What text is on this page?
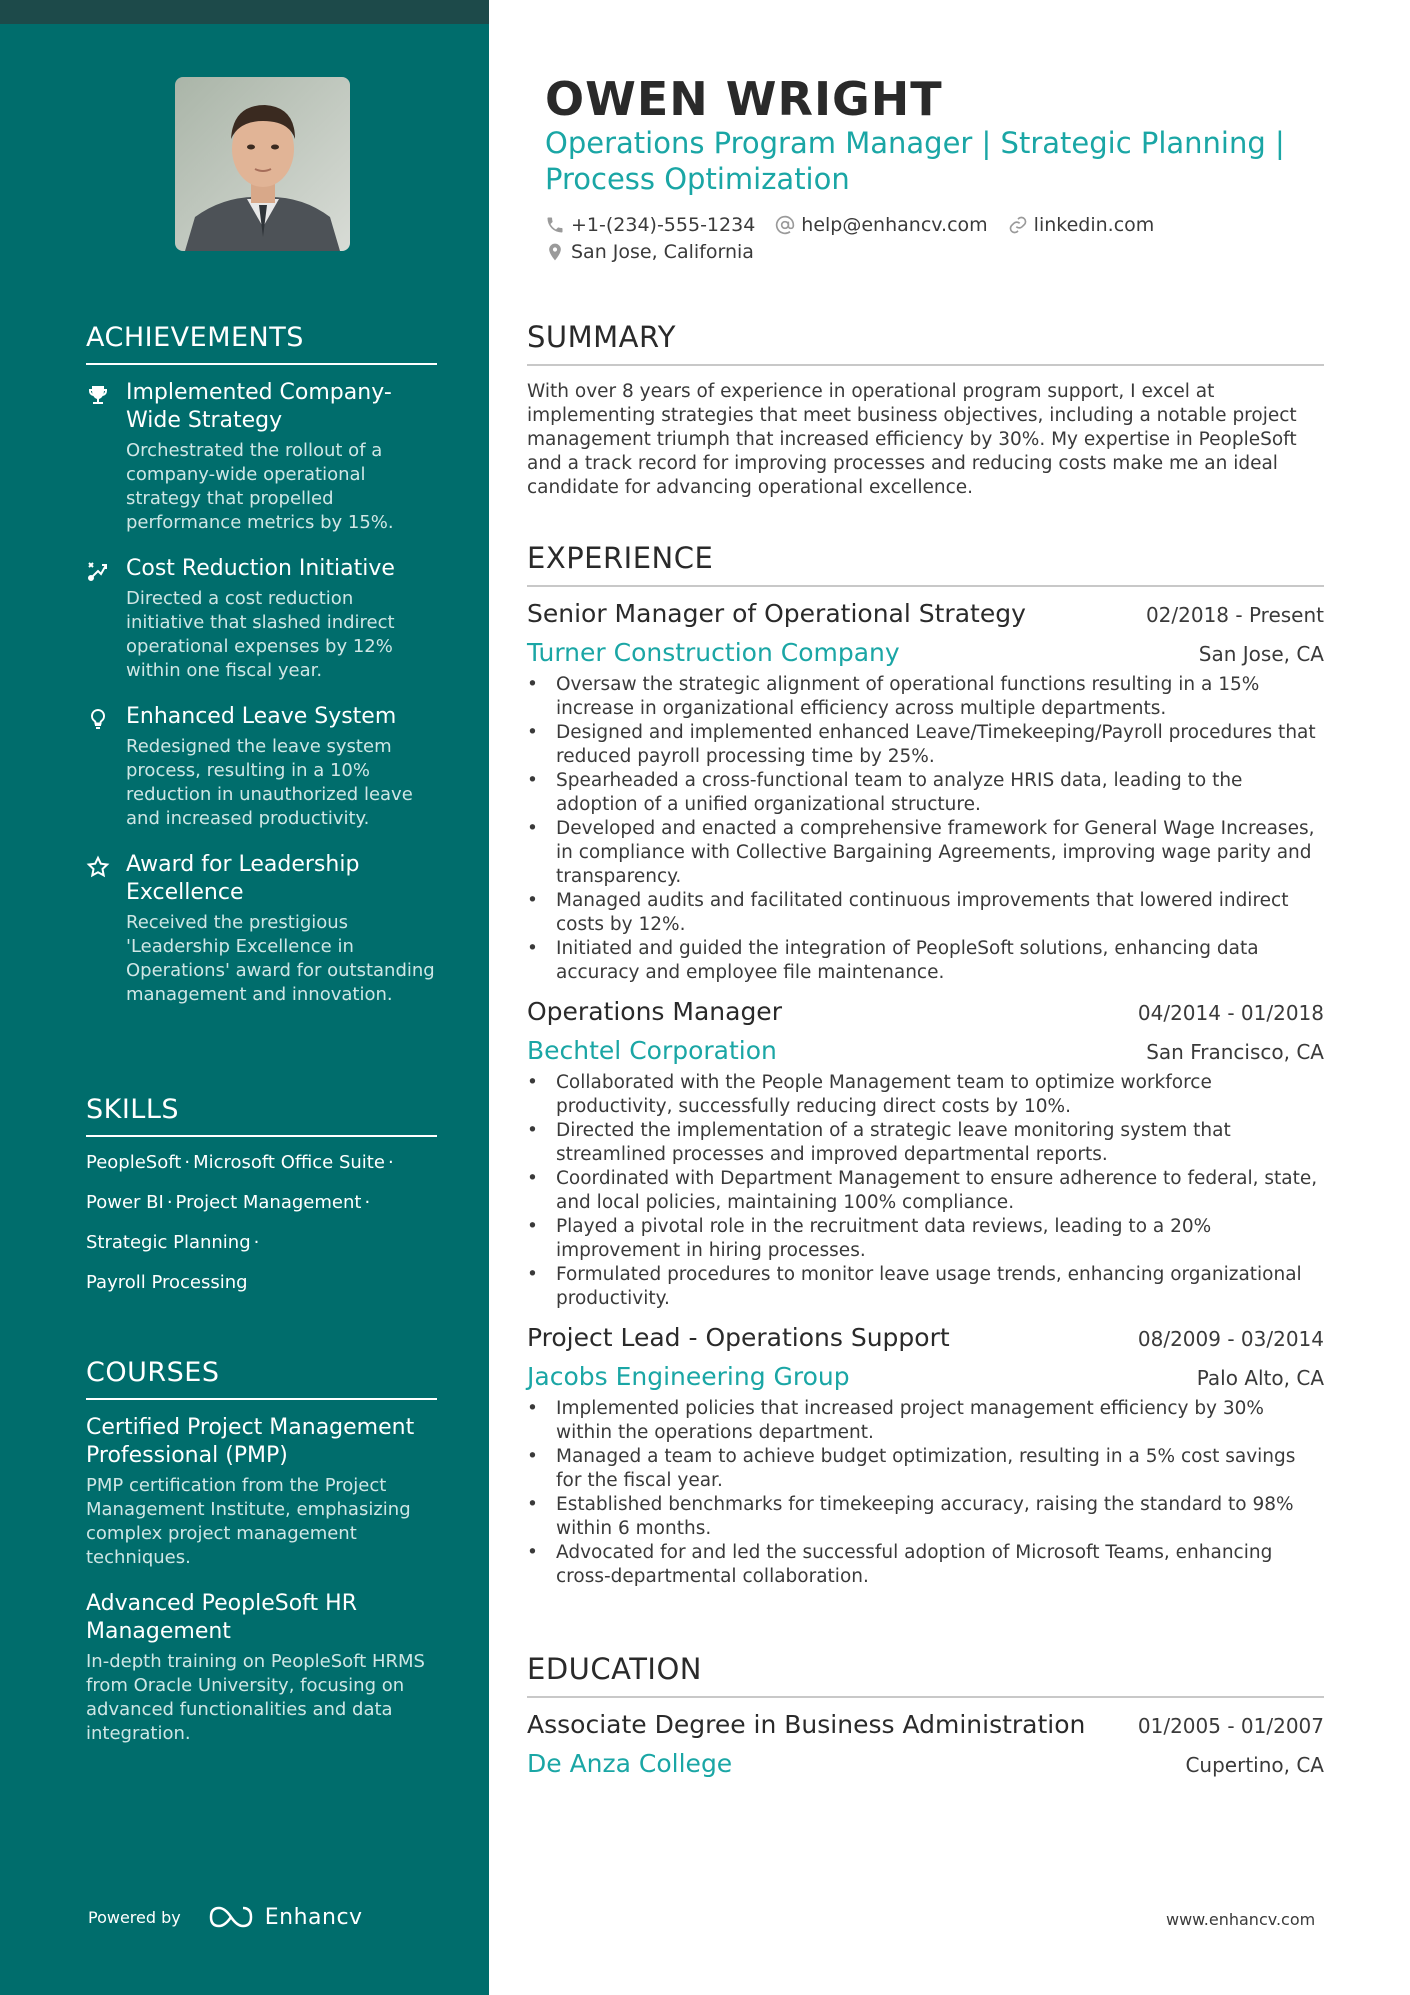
ACHIEVEMENTS
Implemented Company-Wide Strategy
Orchestrated the rollout of a company-wide operational strategy that propelled performance metrics by 15%.
Cost Reduction Initiative
Directed a cost reduction initiative that slashed indirect operational expenses by 12% within one fiscal year.
Enhanced Leave System
Redesigned the leave system process, resulting in a 10% reduction in unauthorized leave and increased productivity.
Award for Leadership Excellence
Received the prestigious 'Leadership Excellence in Operations' award for outstanding management and innovation.
SKILLS
PeopleSoft · Microsoft Office Suite ·
Power BI · Project Management ·
Strategic Planning ·
Payroll Processing
COURSES
Certified Project Management Professional (PMP)
PMP certification from the Project Management Institute, emphasizing complex project management techniques.
Advanced PeopleSoft HR Management
In-depth training on PeopleSoft HRMS from Oracle University, focusing on advanced functionalities and data integration.
Powered by	Enhancv
OWEN WRIGHT
Operations Program Manager | Strategic Planning | Process Optimization
+1-(234)-555-1234 help@enhancv.com linkedin.com
San Jose, California
SUMMARY

With over 8 years of experience in operational program support, I excel at implementing strategies that meet business objectives, including a notable project management triumph that increased efficiency by 30%. My expertise in PeopleSoft and a track record for improving processes and reducing costs make me an ideal candidate for advancing operational excellence.

EXPERIENCE
Senior Manager of Operational Strategy	02/2018 - Present
Turner Construction Company	San Jose, CA
• Oversaw the strategic alignment of operational functions resulting in a 15% increase in organizational efficiency across multiple departments.
• Designed and implemented enhanced Leave/Timekeeping/Payroll procedures that reduced payroll processing time by 25%.
• Spearheaded a cross-functional team to analyze HRIS data, leading to the adoption of a unified organizational structure.
• Developed and enacted a comprehensive framework for General Wage Increases, in compliance with Collective Bargaining Agreements, improving wage parity and transparency.
• Managed audits and facilitated continuous improvements that lowered indirect costs by 12%.
• Initiated and guided the integration of PeopleSoft solutions, enhancing data accuracy and employee file maintenance.
Operations Manager	04/2014 - 01/2018
Bechtel Corporation	San Francisco, CA
• Collaborated with the People Management team to optimize workforce productivity, successfully reducing direct costs by 10%.
• Directed the implementation of a strategic leave monitoring system that streamlined processes and improved departmental reports.
• Coordinated with Department Management to ensure adherence to federal, state, and local policies, maintaining 100% compliance.
• Played a pivotal role in the recruitment data reviews, leading to a 20% improvement in hiring processes.
• Formulated procedures to monitor leave usage trends, enhancing organizational productivity.
Project Lead - Operations Support	08/2009 - 03/2014
Jacobs Engineering Group	Palo Alto, CA
• Implemented policies that increased project management efficiency by 30% within the operations department.
• Managed a team to achieve budget optimization, resulting in a 5% cost savings for the fiscal year.
• Established benchmarks for timekeeping accuracy, raising the standard to 98% within 6 months.
• Advocated for and led the successful adoption of Microsoft Teams, enhancing cross-departmental collaboration.
EDUCATION
Associate Degree in Business Administration	01/2005 - 01/2007
De Anza College	Cupertino, CA
www.enhancv.com
